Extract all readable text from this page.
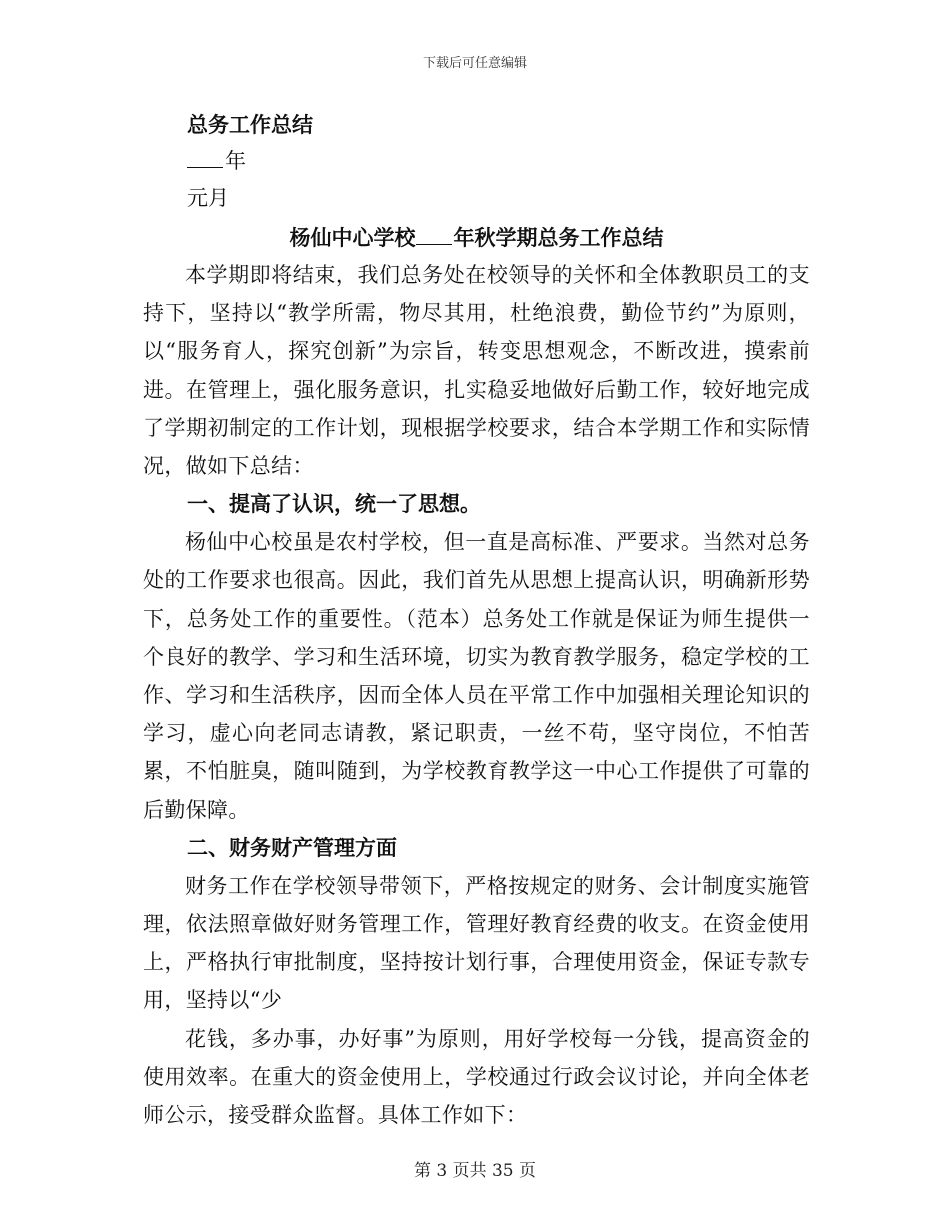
下载后可任意编辑
总务工作总结
年
元月
杨仙中心学校 年秋学期总务工作总结

本学期即将结束，我们总务处在校领导的关怀和全体教职员工的支持下，坚持以“教学所需，物尽其用，杜绝浪费，勤俭节约”为原则，以“服务育人，探究创新”为宗旨，转变思想观念，不断改进，摸索前进。在管理上，强化服务意识，扎实稳妥地做好后勤工作，较好地完成了学期初制定的工作计划，现根据学校要求，结合本学期工作和实际情况，做如下总结：

一、提高了认识，统一了思想。

杨仙中心校虽是农村学校，但一直是高标准、严要求。当然对总务处的工作要求也很高。因此，我们首先从思想上提高认识，明确新形势下，总务处工作的重要性。（范本）总务处工作就是保证为师生提供一个良好的教学、学习和生活环境，切实为教育教学服务，稳定学校的工作、学习和生活秩序，因而全体人员在平常工作中加强相关理论知识的学习，虚心向老同志请教，紧记职责，一丝不苟，坚守岗位，不怕苦累，不怕脏臭，随叫随到，为学校教育教学这一中心工作提供了可靠的后勤保障。

二、财务财产管理方面

财务工作在学校领导带领下，严格按规定的财务、会计制度实施管理，依法照章做好财务管理工作，管理好教育经费的收支。在资金使用上，严格执行审批制度，坚持按计划行事，合理使用资金，保证专款专用，坚持以“少

花钱，多办事，办好事”为原则，用好学校每一分钱，提高资金的使用效率。在重大的资金使用上，学校通过行政会议讨论，并向全体老师公示，接受群众监督。具体工作如下：

第 3 页共 35 页
